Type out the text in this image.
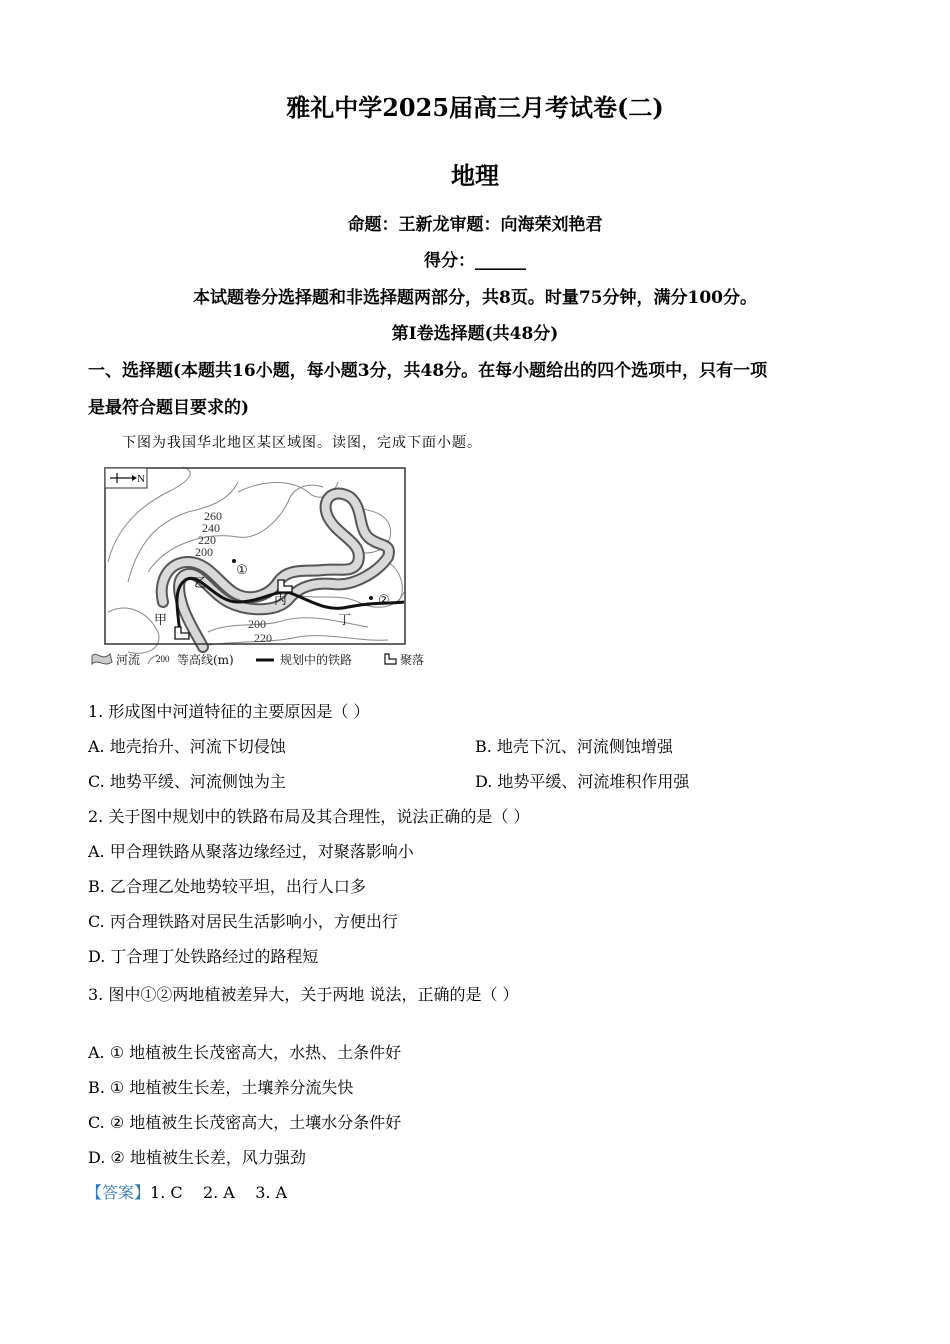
雅礼中学2025届高三月考试卷(二)
地理
命题：王新龙审题：向海荣刘艳君
得分：______
本试题卷分选择题和非选择题两部分，共8页。时量75分钟，满分100分。
第Ⅰ卷选择题(共48分)
一、选择题(本题共16小题，每小题3分，共48分。在每小题给出的四个选项中，只有一项
是最符合题目要求的)
下图为我国华北地区某区域图。读图，完成下面小题。
N
260
240
220
200
200
220
甲
乙
丙
丁
①
②
河流 200 等高线(m)	规划中的铁路	聚落
1. 形成图中河道特征的主要原因是（ ）
A. 地壳抬升、河流下切侵蚀	B. 地壳下沉、河流侧蚀增强
C. 地势平缓、河流侧蚀为主	D. 地势平缓、河流堆积作用强
2. 关于图中规划中的铁路布局及其合理性，说法正确的是（ ）
A. 甲合理铁路从聚落边缘经过，对聚落影响小
B. 乙合理乙处地势较平坦，出行人口多
C. 丙合理铁路对居民生活影响小，方便出行
D. 丁合理丁处铁路经过的路程短
3. 图中①②两地植被差异大，关于两地 说法，正确的是（ ）
A. ① 地植被生长茂密高大，水热、土条件好
B. ① 地植被生长差，土壤养分流失快
C. ② 地植被生长茂密高大，土壤水分条件好
D. ② 地植被生长差，风力强劲
【答案】1. C    2. A    3. A
